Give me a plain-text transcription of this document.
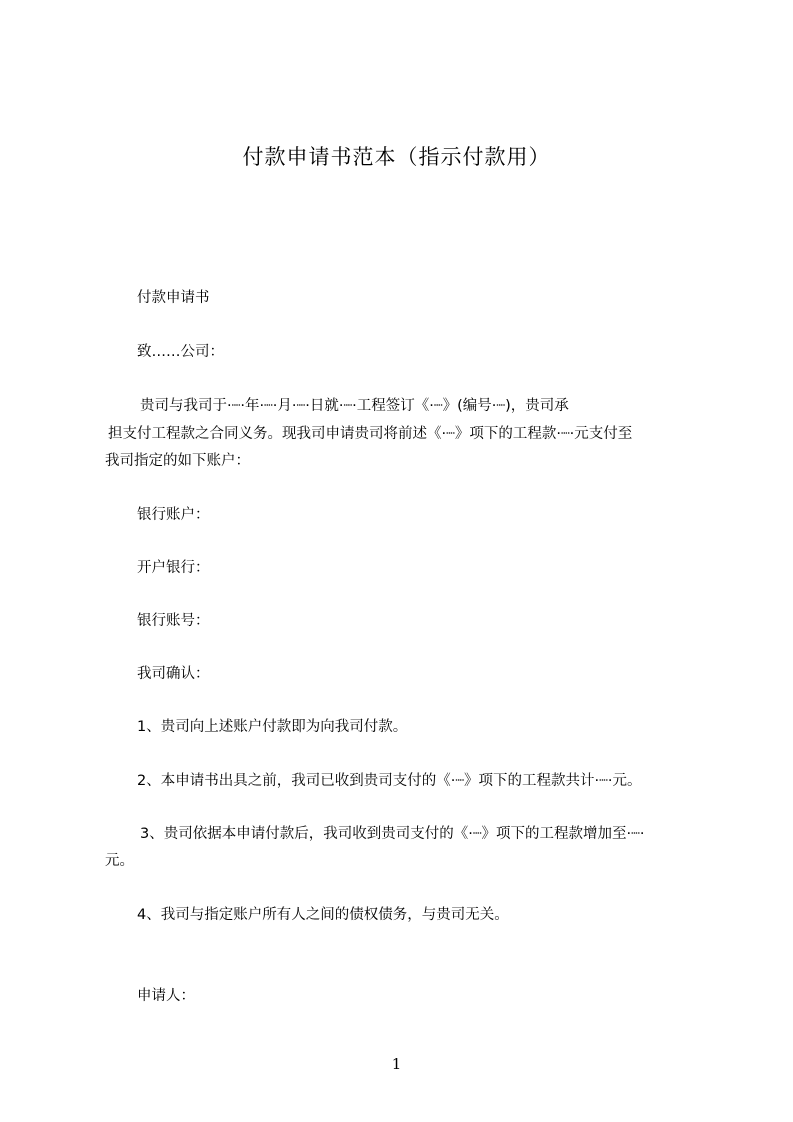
付款申请书范本（指示付款用）
付款申请书
致……公司：
贵司与我司于·┈·年·┈·月·┈·日就·┈·工程签订《·┈》(编号·┈)，贵司承
担支付工程款之合同义务。现我司申请贵司将前述《·┈》项下的工程款·┈·元支付至
我司指定的如下账户：
银行账户：
开户银行：
银行账号：
我司确认：
1、贵司向上述账户付款即为向我司付款。
2、本申请书出具之前，我司已收到贵司支付的《·┈》项下的工程款共计·┈·元。
3、贵司依据本申请付款后，我司收到贵司支付的《·┈》项下的工程款增加至·┈·
元。
4、我司与指定账户所有人之间的债权债务，与贵司无关。
申请人：
1
